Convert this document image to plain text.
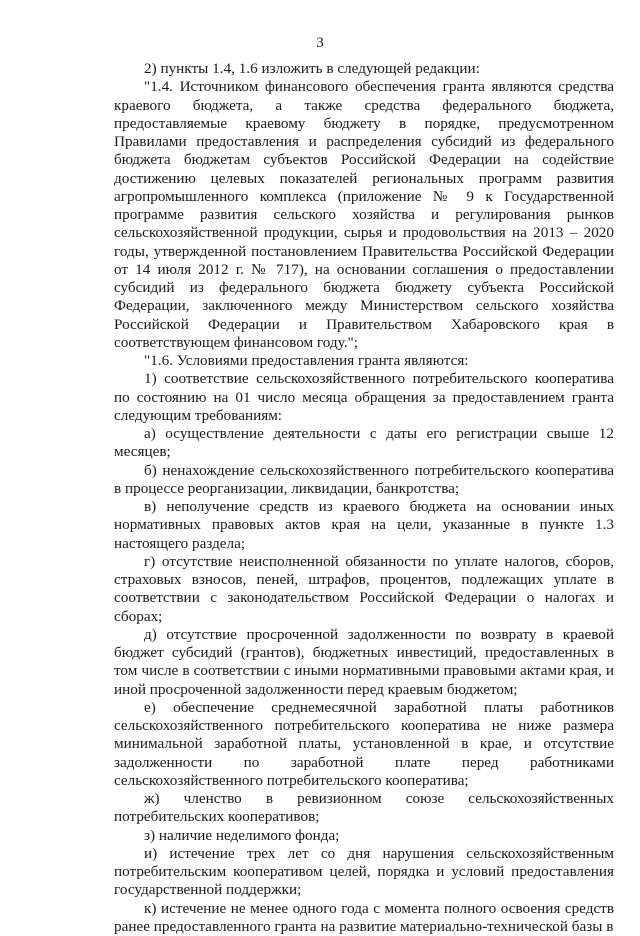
3

2) пункты 1.4, 1.6 изложить в следующей редакции:

"1.4. Источником финансового обеспечения гранта являются средства краевого бюджета, а также средства федерального бюджета, предоставляемые краевому бюджету в порядке, предусмотренном Правилами предоставления и распределения субсидий из федерального бюджета бюджетам субъектов Российской Федерации на содействие достижению целевых показателей региональных программ развития агропромышленного комплекса (приложение № 9 к Государственной программе развития сельского хозяйства и регулирования рынков сельскохозяйственной продукции, сырья и продовольствия на 2013 – 2020 годы, утвержденной постановлением Правительства Российской Федерации от 14 июля 2012 г. № 717), на основании соглашения о предоставлении субсидий из федерального бюджета бюджету субъекта Российской Федерации, заключенного между Министерством сельского хозяйства Российской Федерации и Правительством Хабаровского края в соответствующем финансовом году.";

"1.6. Условиями предоставления гранта являются:

1) соответствие сельскохозяйственного потребительского кооператива по состоянию на 01 число месяца обращения за предоставлением гранта следующим требованиям:

а) осуществление деятельности с даты его регистрации свыше 12 месяцев;

б) ненахождение сельскохозяйственного потребительского кооператива в процессе реорганизации, ликвидации, банкротства;

в) неполучение средств из краевого бюджета на основании иных нормативных правовых актов края на цели, указанные в пункте 1.3 настоящего раздела;

г) отсутствие неисполненной обязанности по уплате налогов, сборов, страховых взносов, пеней, штрафов, процентов, подлежащих уплате в соответствии с законодательством Российской Федерации о налогах и сборах;

д) отсутствие просроченной задолженности по возврату в краевой бюджет субсидий (грантов), бюджетных инвестиций, предоставленных в том числе в соответствии с иными нормативными правовыми актами края, и иной просроченной задолженности перед краевым бюджетом;

е) обеспечение среднемесячной заработной платы работников сельскохозяйственного потребительского кооператива не ниже размера минимальной заработной платы, установленной в крае, и отсутствие задолженности по заработной плате перед работниками сельскохозяйственного потребительского кооператива;

ж) членство в ревизионном союзе сельскохозяйственных потребительских кооперативов;

з) наличие неделимого фонда;

и) истечение трех лет со дня нарушения сельскохозяйственным потребительским кооперативом целей, порядка и условий предоставления государственной поддержки;

к) истечение не менее одного года с момента полного освоения средств ранее предоставленного гранта на развитие материально-технической базы в
